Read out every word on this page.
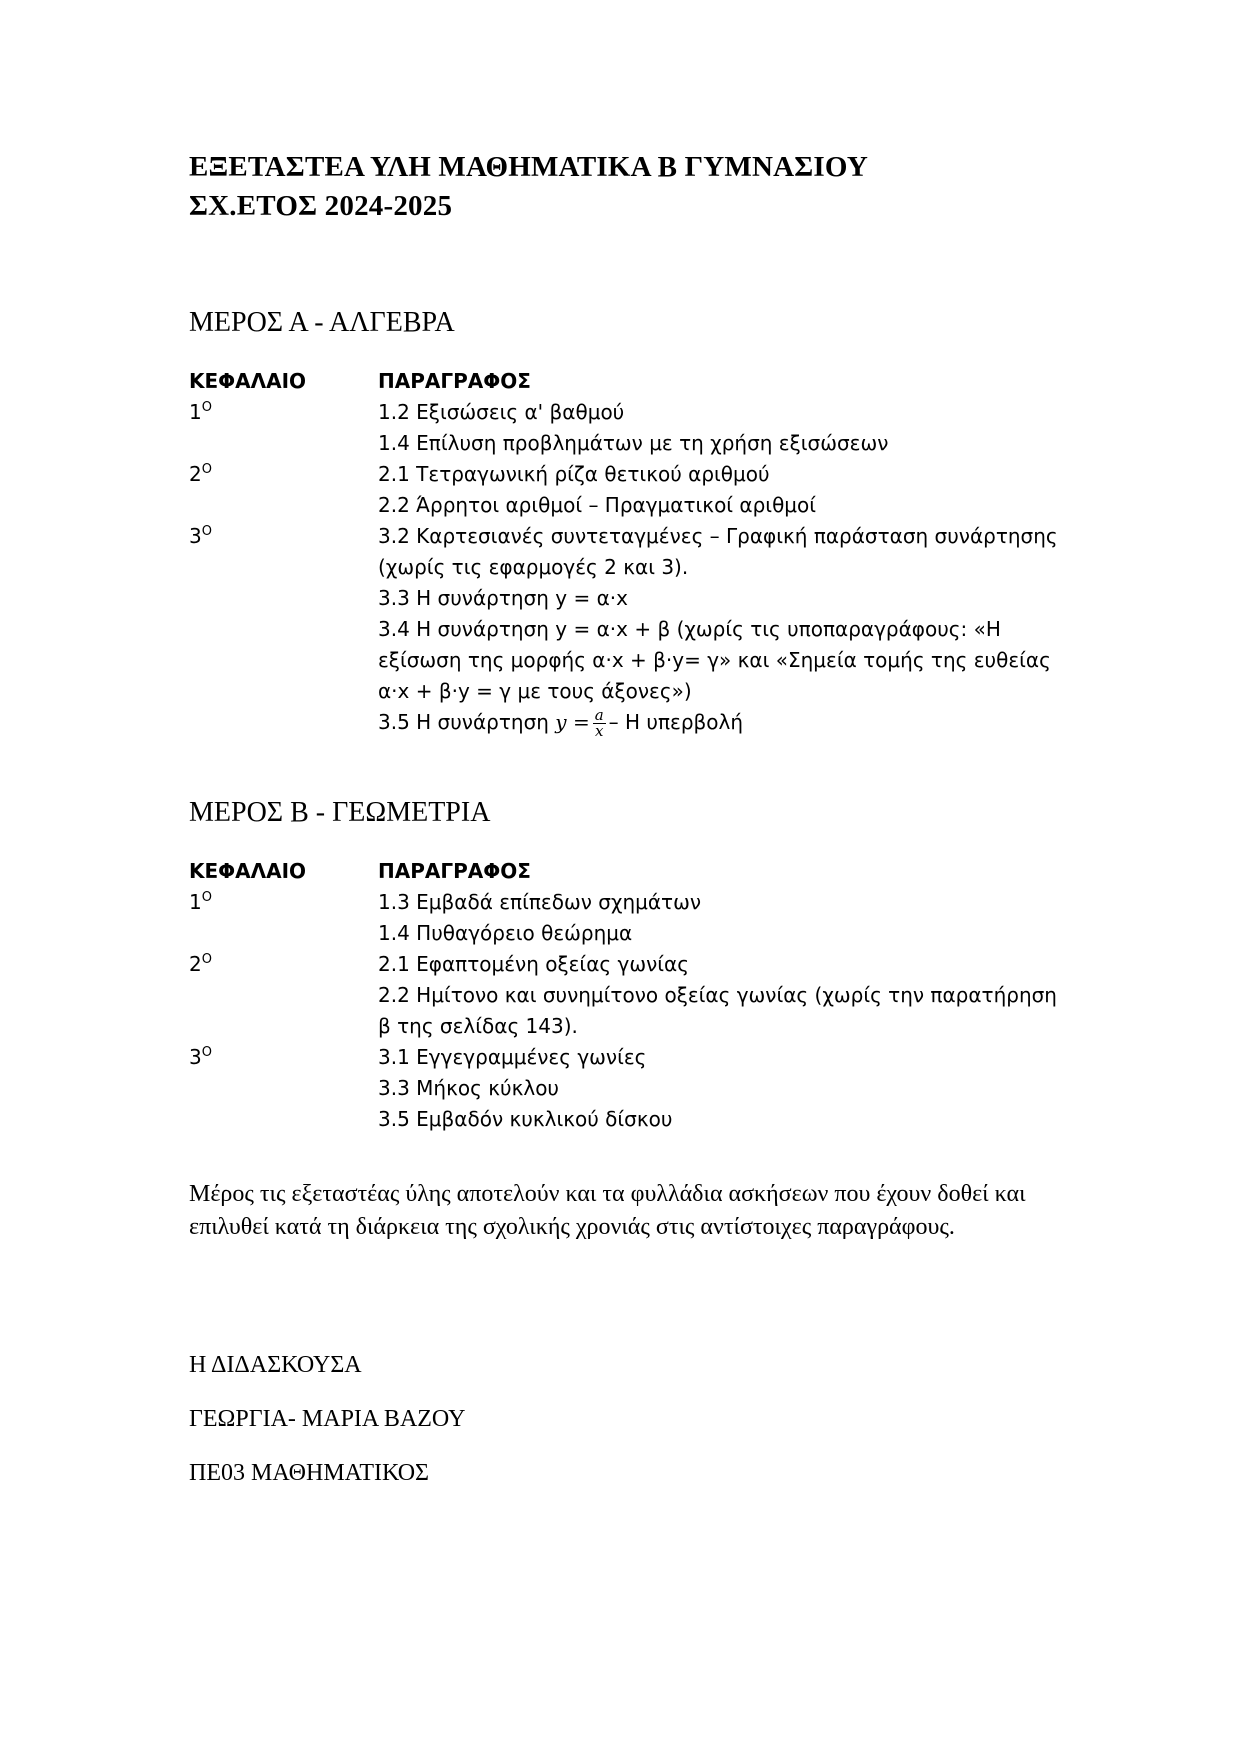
ΕΞΕΤΑΣΤΕΑ ΥΛΗ ΜΑΘΗΜΑΤΙΚΑ Β ΓΥΜΝΑΣΙΟΥ
ΣΧ.ΕΤΟΣ 2024-2025
ΜΕΡΟΣ Α - ΑΛΓΕΒΡΑ
ΚΕΦΑΛΑΙΟ	ΠΑΡΑΓΡΑΦΟΣ
$1^O$	1.2 Εξισώσεις α' βαθμού
1.4 Επίλυση προβλημάτων με τη χρήση εξισώσεων
$2^O$	2.1 Τετραγωνική ρίζα θετικού αριθμού
2.2 Άρρητοι αριθμοί – Πραγματικοί αριθμοί
$3^O$	3.2 Καρτεσιανές συντεταγμένες – Γραφική παράσταση συνάρτησης (χωρίς τις εφαρμογές 2 και 3).
3.3 Η συνάρτηση y = α·x
3.4 Η συνάρτηση y = α·x + β (χωρίς τις υποπαραγράφους: «Η εξίσωση της μορφής α·x + β·y= γ» και «Σημεία τομής της ευθείας α·x + β·y = γ με τους άξονες»)
3.5 Η συνάρτηση $y = \frac{a}{x} - H$ υπερβολή
ΜΕΡΟΣ Β - ΓΕΩΜΕΤΡΙΑ
ΚΕΦΑΛΑΙΟ	ΠΑΡΑΓΡΑΦΟΣ
$1^O$	1.3 Εμβαδά επίπεδων σχημάτων
1.4 Πυθαγόρειο θεώρημα
$2^O$	2.1 Εφαπτομένη οξείας γωνίας
2.2 Ημίτονο και συνημίτονο οξείας γωνίας (χωρίς την παρατήρηση β της σελίδας 143).
$3^O$	3.1 Εγγεγραμμένες γωνίες
3.3 Μήκος κύκλου
3.5 Εμβαδόν κυκλικού δίσκου

Μέρος τις εξεταστέας ύλης αποτελούν και τα φυλλάδια ασκήσεων που έχουν δοθεί και επιλυθεί κατά τη διάρκεια της σχολικής χρονιάς στις αντίστοιχες παραγράφους.

Η ΔΙΔΑΣΚΟΥΣΑ

ΓΕΩΡΓΙΑ- ΜΑΡΙΑ ΒΑΖΟΥ

ΠΕ03 ΜΑΘΗΜΑΤΙΚΟΣ
